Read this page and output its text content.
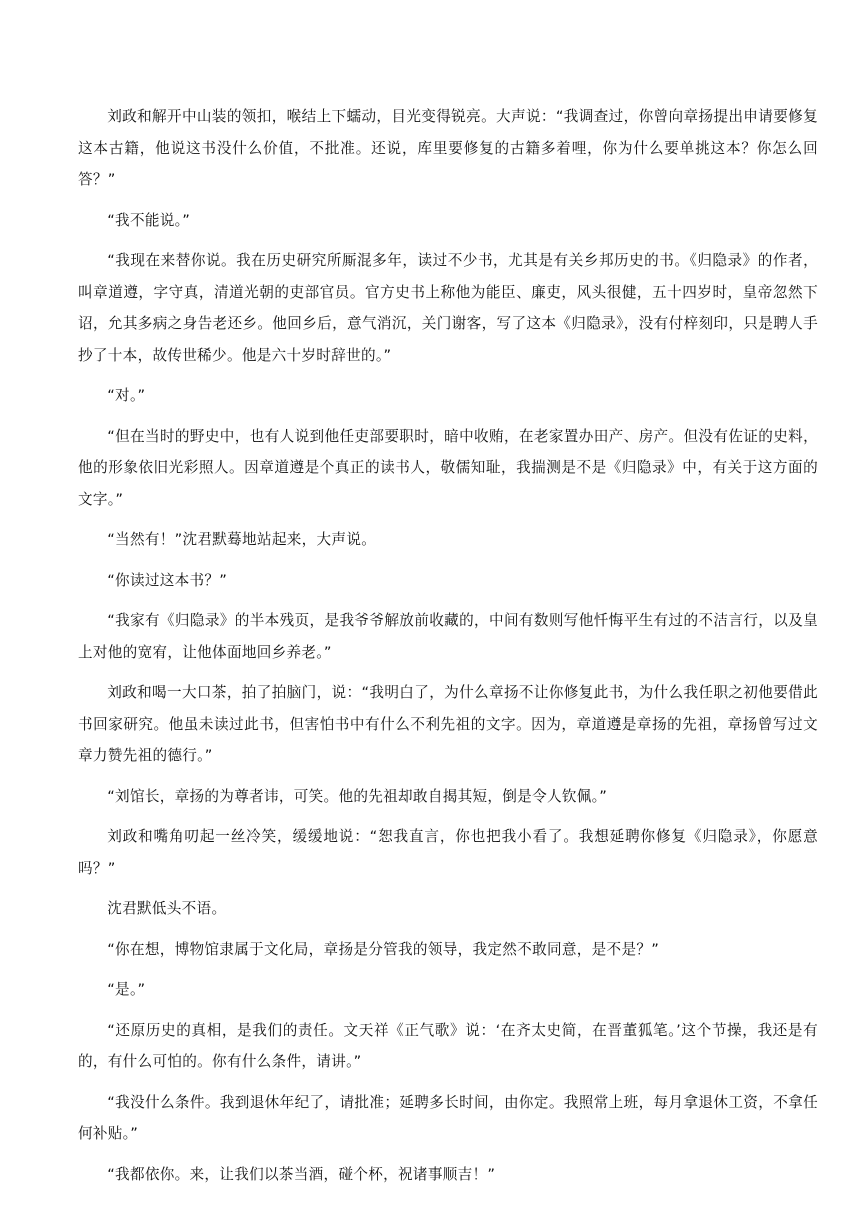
刘政和解开中山装的领扣，喉结上下蠕动，目光变得锐亮。大声说：“我调查过，你曾向章扬提出申请要修复这本古籍，他说这书没什么价值，不批准。还说，库里要修复的古籍多着哩，你为什么要单挑这本？你怎么回答？”

“我不能说。”

“我现在来替你说。我在历史研究所厮混多年，读过不少书，尤其是有关乡邦历史的书。《归隐录》的作者，叫章道遵，字守真，清道光朝的吏部官员。官方史书上称他为能臣、廉吏，风头很健，五十四岁时，皇帝忽然下诏，允其多病之身告老还乡。他回乡后，意气消沉，关门谢客，写了这本《归隐录》，没有付梓刻印，只是聘人手抄了十本，故传世稀少。他是六十岁时辞世的。”

“对。”

“但在当时的野史中，也有人说到他任吏部要职时，暗中收贿，在老家置办田产、房产。但没有佐证的史料，他的形象依旧光彩照人。因章道遵是个真正的读书人，敬儒知耻，我揣测是不是《归隐录》中，有关于这方面的文字。”

“当然有！”沈君默蓦地站起来，大声说。

“你读过这本书？”

“我家有《归隐录》的半本残页，是我爷爷解放前收藏的，中间有数则写他忏悔平生有过的不洁言行，以及皇上对他的宽宥，让他体面地回乡养老。”

刘政和喝一大口茶，拍了拍脑门，说：“我明白了，为什么章扬不让你修复此书，为什么我任职之初他要借此书回家研究。他虽未读过此书，但害怕书中有什么不利先祖的文字。因为，章道遵是章扬的先祖，章扬曾写过文章力赞先祖的德行。”

“刘馆长，章扬的为尊者讳，可笑。他的先祖却敢自揭其短，倒是令人钦佩。”

刘政和嘴角叨起一丝冷笑，缓缓地说：“恕我直言，你也把我小看了。我想延聘你修复《归隐录》，你愿意吗？”

沈君默低头不语。

“你在想，博物馆隶属于文化局，章扬是分管我的领导，我定然不敢同意，是不是？”

“是。”

“还原历史的真相，是我们的责任。文天祥《正气歌》说：‘在齐太史简，在晋董狐笔。’这个节操，我还是有的，有什么可怕的。你有什么条件，请讲。”

“我没什么条件。我到退休年纪了，请批准；延聘多长时间，由你定。我照常上班，每月拿退休工资，不拿任何补贴。”

“我都依你。来，让我们以茶当酒，碰个杯，祝诸事顺吉！”
